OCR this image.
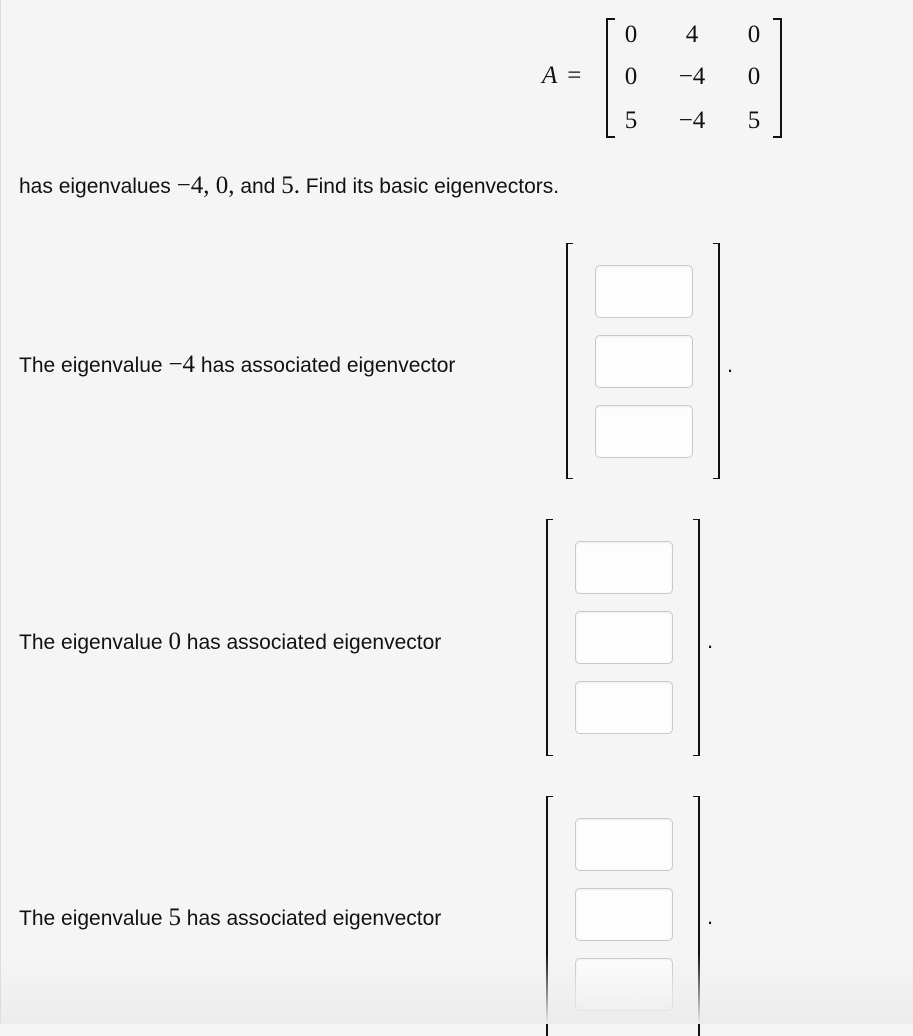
A =
0	4	0
0	−4	0
5	−4	5
has eigenvalues −4, 0, and 5. Find its basic eigenvectors.
The eigenvalue −4 has associated eigenvector	.
The eigenvalue 0 has associated eigenvector	.
The eigenvalue 5 has associated eigenvector	.
